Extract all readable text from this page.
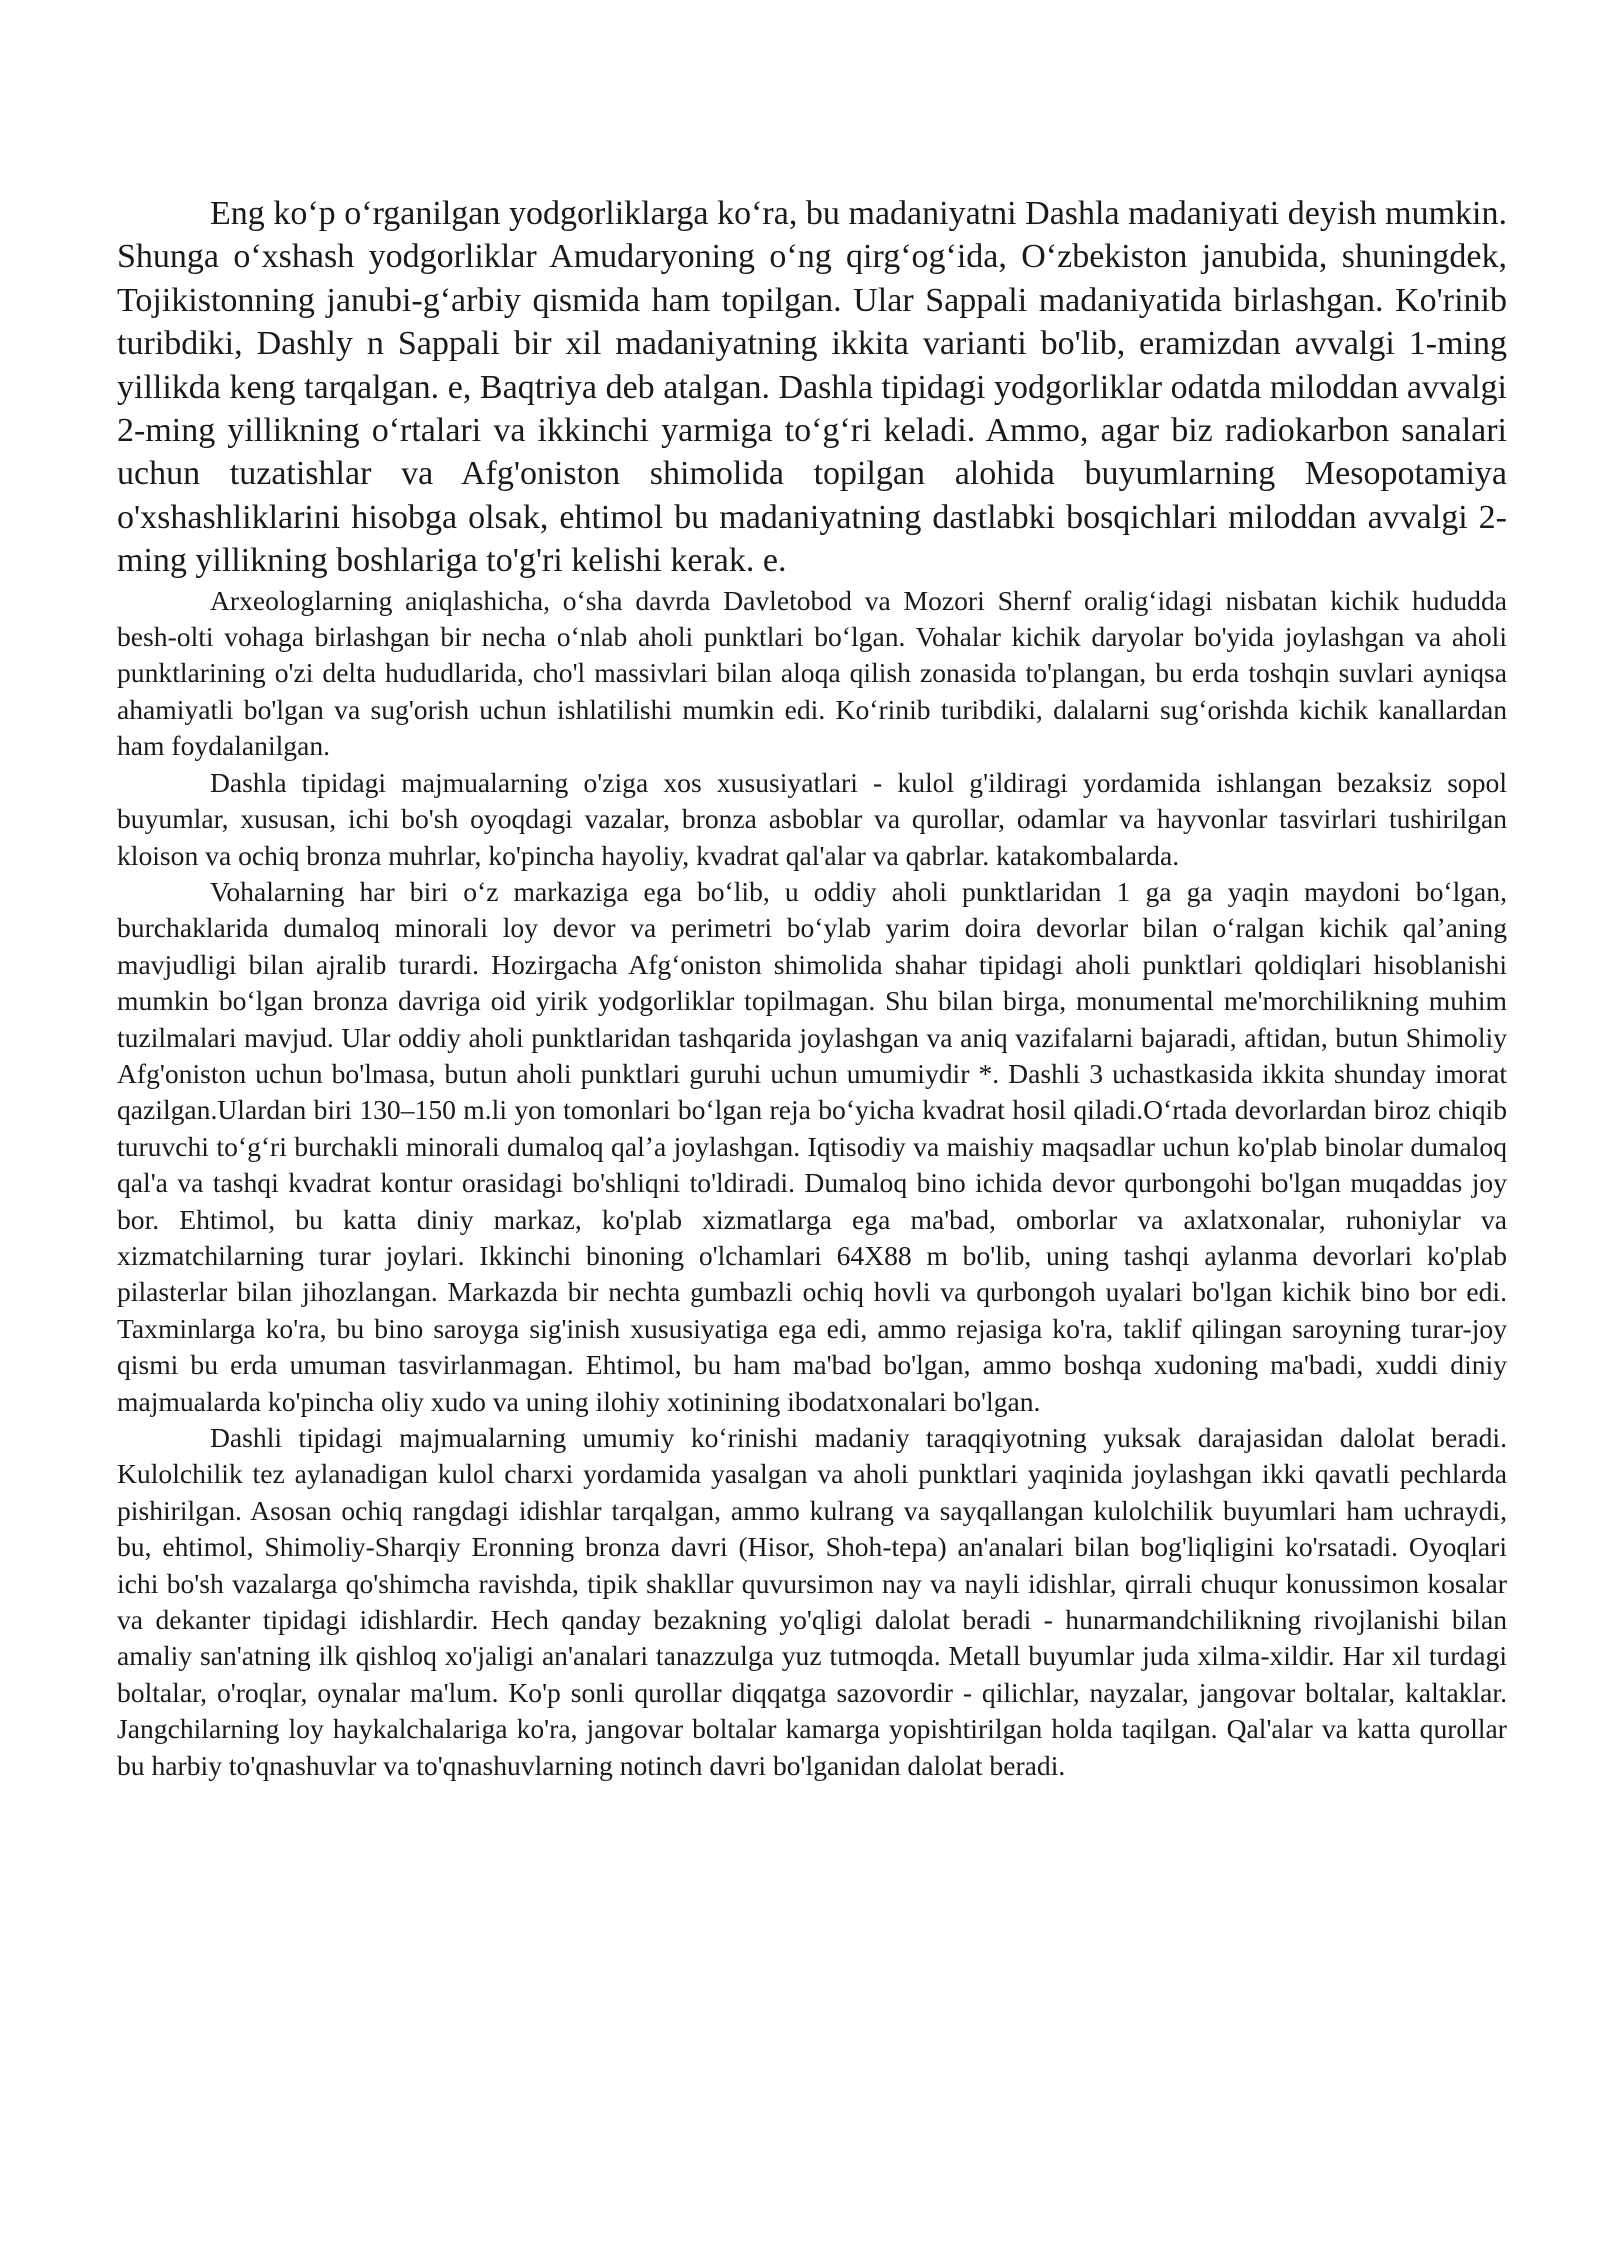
Eng koʻp oʻrganilgan yodgorliklarga koʻra, bu madaniyatni Dashla madaniyati deyish mumkin. Shunga oʻxshash yodgorliklar Amudaryoning oʻng qirgʻogʻida, Oʻzbekiston janubida, shuningdek, Tojikistonning janubi-gʻarbiy qismida ham topilgan. Ular Sappali madaniyatida birlashgan. Ko'rinib turibdiki, Dashly n Sappali bir xil madaniyatning ikkita varianti bo'lib, eramizdan avvalgi 1-ming yillikda keng tarqalgan. e, Baqtriya deb atalgan. Dashla tipidagi yodgorliklar odatda miloddan avvalgi 2-ming yillikning oʻrtalari va ikkinchi yarmiga toʻgʻri keladi. Ammo, agar biz radiokarbon sanalari uchun tuzatishlar va Afg'oniston shimolida topilgan alohida buyumlarning Mesopotamiya o'xshashliklarini hisobga olsak, ehtimol bu madaniyatning dastlabki bosqichlari miloddan avvalgi 2-ming yillikning boshlariga to'g'ri kelishi kerak. e.

Arxeologlarning aniqlashicha, oʻsha davrda Davletobod va Mozori Shernf oraligʻidagi nisbatan kichik hududda besh-olti vohaga birlashgan bir necha oʻnlab aholi punktlari boʻlgan. Vohalar kichik daryolar bo'yida joylashgan va aholi punktlarining o'zi delta hududlarida, cho'l massivlari bilan aloqa qilish zonasida to'plangan, bu erda toshqin suvlari ayniqsa ahamiyatli bo'lgan va sug'orish uchun ishlatilishi mumkin edi. Koʻrinib turibdiki, dalalarni sugʻorishda kichik kanallardan ham foydalanilgan.

Dashla tipidagi majmualarning o'ziga xos xususiyatlari - kulol g'ildiragi yordamida ishlangan bezaksiz sopol buyumlar, xususan, ichi bo'sh oyoqdagi vazalar, bronza asboblar va qurollar, odamlar va hayvonlar tasvirlari tushirilgan kloison va ochiq bronza muhrlar, ko'pincha hayoliy, kvadrat qal'alar va qabrlar. katakombalarda.

Vohalarning har biri oʻz markaziga ega boʻlib, u oddiy aholi punktlaridan 1 ga ga yaqin maydoni boʻlgan, burchaklarida dumaloq minorali loy devor va perimetri boʻylab yarim doira devorlar bilan oʻralgan kichik qalʼaning mavjudligi bilan ajralib turardi. Hozirgacha Afgʻoniston shimolida shahar tipidagi aholi punktlari qoldiqlari hisoblanishi mumkin boʻlgan bronza davriga oid yirik yodgorliklar topilmagan. Shu bilan birga, monumental me'morchilikning muhim tuzilmalari mavjud. Ular oddiy aholi punktlaridan tashqarida joylashgan va aniq vazifalarni bajaradi, aftidan, butun Shimoliy Afg'oniston uchun bo'lmasa, butun aholi punktlari guruhi uchun umumiydir *. Dashli 3 uchastkasida ikkita shunday imorat qazilgan.Ulardan biri 130–150 m.li yon tomonlari boʻlgan reja boʻyicha kvadrat hosil qiladi.Oʻrtada devorlardan biroz chiqib turuvchi toʻgʻri burchakli minorali dumaloq qalʼa joylashgan. Iqtisodiy va maishiy maqsadlar uchun ko'plab binolar dumaloq qal'a va tashqi kvadrat kontur orasidagi bo'shliqni to'ldiradi. Dumaloq bino ichida devor qurbongohi bo'lgan muqaddas joy bor. Ehtimol, bu katta diniy markaz, ko'plab xizmatlarga ega ma'bad, omborlar va axlatxonalar, ruhoniylar va xizmatchilarning turar joylari. Ikkinchi binoning o'lchamlari 64X88 m bo'lib, uning tashqi aylanma devorlari ko'plab pilasterlar bilan jihozlangan. Markazda bir nechta gumbazli ochiq hovli va qurbongoh uyalari bo'lgan kichik bino bor edi. Taxminlarga ko'ra, bu bino saroyga sig'inish xususiyatiga ega edi, ammo rejasiga ko'ra, taklif qilingan saroyning turar-joy qismi bu erda umuman tasvirlanmagan. Ehtimol, bu ham ma'bad bo'lgan, ammo boshqa xudoning ma'badi, xuddi diniy majmualarda ko'pincha oliy xudo va uning ilohiy xotinining ibodatxonalari bo'lgan.

Dashli tipidagi majmualarning umumiy koʻrinishi madaniy taraqqiyotning yuksak darajasidan dalolat beradi. Kulolchilik tez aylanadigan kulol charxi yordamida yasalgan va aholi punktlari yaqinida joylashgan ikki qavatli pechlarda pishirilgan. Asosan ochiq rangdagi idishlar tarqalgan, ammo kulrang va sayqallangan kulolchilik buyumlari ham uchraydi, bu, ehtimol, Shimoliy-Sharqiy Eronning bronza davri (Hisor, Shoh-tepa) an'analari bilan bog'liqligini ko'rsatadi. Oyoqlari ichi bo'sh vazalarga qo'shimcha ravishda, tipik shakllar quvursimon nay va nayli idishlar, qirrali chuqur konussimon kosalar va dekanter tipidagi idishlardir. Hech qanday bezakning yo'qligi dalolat beradi - hunarmandchilikning rivojlanishi bilan amaliy san'atning ilk qishloq xo'jaligi an'analari tanazzulga yuz tutmoqda. Metall buyumlar juda xilma-xildir. Har xil turdagi boltalar, o'roqlar, oynalar ma'lum. Ko'p sonli qurollar diqqatga sazovordir - qilichlar, nayzalar, jangovar boltalar, kaltaklar. Jangchilarning loy haykalchalariga ko'ra, jangovar boltalar kamarga yopishtirilgan holda taqilgan. Qal'alar va katta qurollar bu harbiy to'qnashuvlar va to'qnashuvlarning notinch davri bo'lganidan dalolat beradi.
